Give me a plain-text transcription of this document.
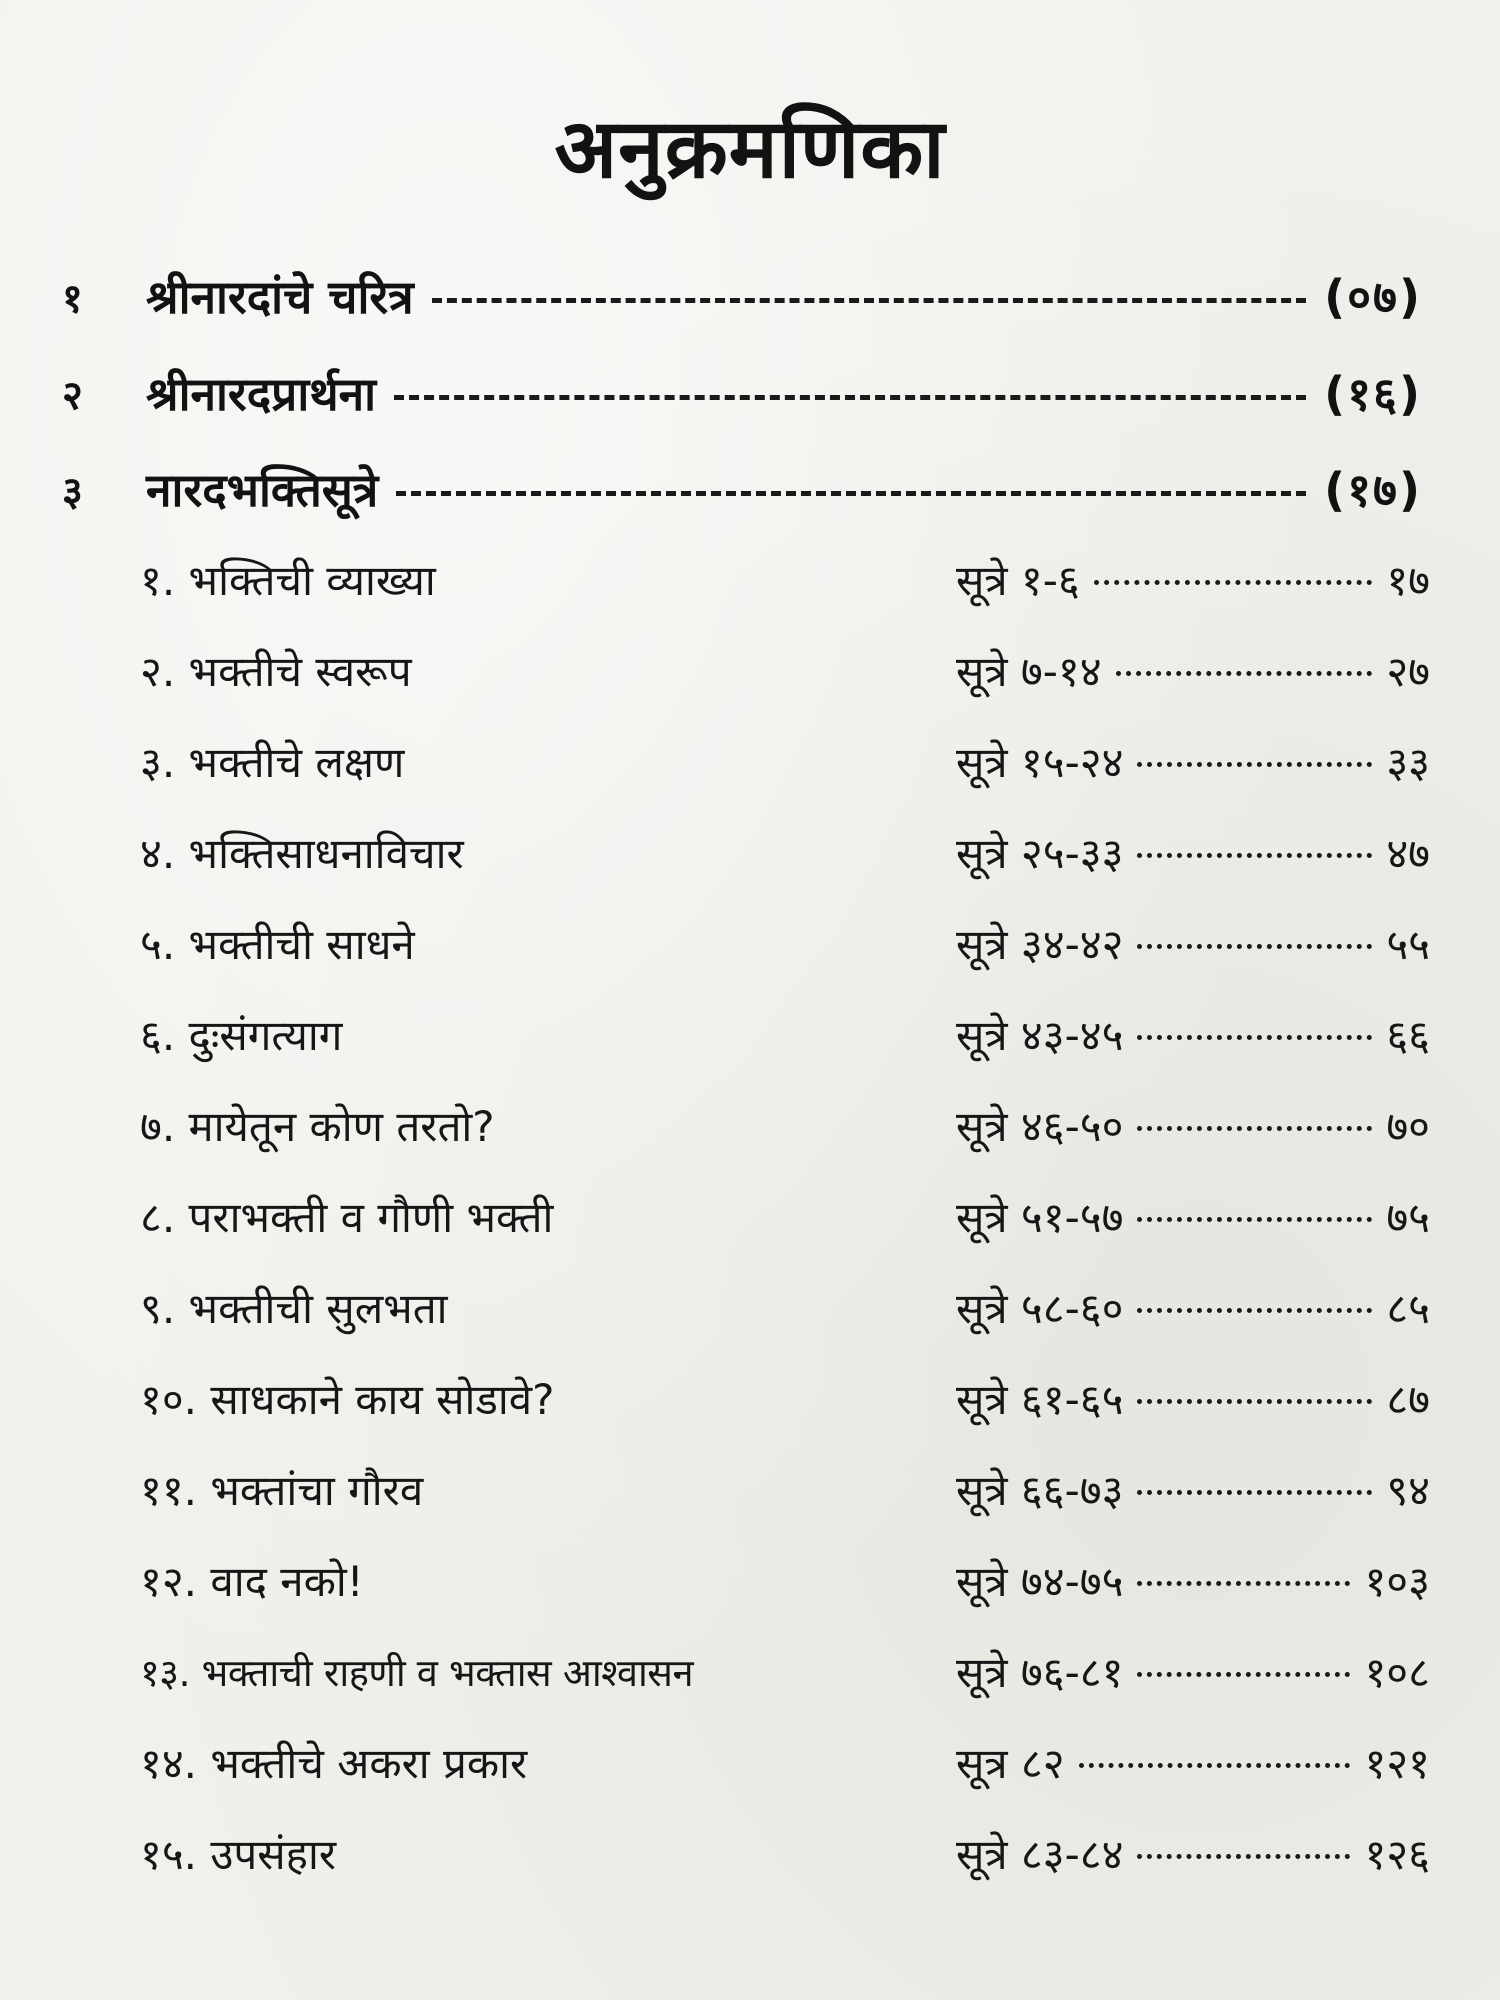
अनुक्रमणिका
१	श्रीनारदांचे चरित्र	(०७)
२	श्रीनारदप्रार्थना	(१६)
३	नारदभक्तिसूत्रे	(१७)
१. भक्तिची व्याख्या	सूत्रे १-६	१७
२. भक्तीचे स्वरूप	सूत्रे ७-१४	२७
३. भक्तीचे लक्षण	सूत्रे १५-२४	३३
४. भक्तिसाधनाविचार	सूत्रे २५-३३	४७
५. भक्तीची साधने	सूत्रे ३४-४२	५५
६. दुःसंगत्याग	सूत्रे ४३-४५	६६
७. मायेतून कोण तरतो?	सूत्रे ४६-५०	७०
८. पराभक्ती व गौणी भक्ती	सूत्रे ५१-५७	७५
९. भक्तीची सुलभता	सूत्रे ५८-६०	८५
१०. साधकाने काय सोडावे?	सूत्रे ६१-६५	८७
११. भक्तांचा गौरव	सूत्रे ६६-७३	९४
१२. वाद नको!	सूत्रे ७४-७५	१०३
१३. भक्ताची राहणी व भक्तास आश्वासन	सूत्रे ७६-८१	१०८
१४. भक्तीचे अकरा प्रकार	सूत्र ८२	१२१
१५. उपसंहार	सूत्रे ८३-८४	१२६
